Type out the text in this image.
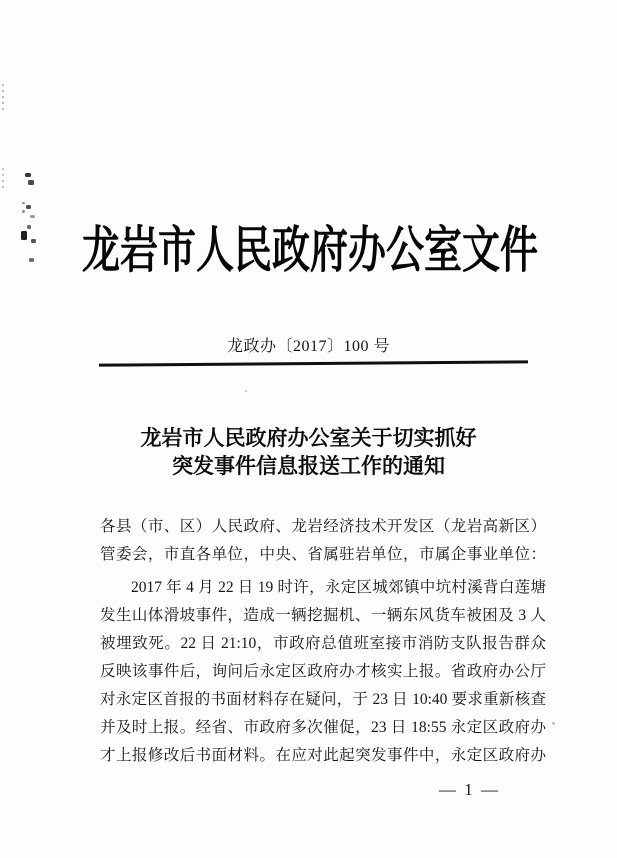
龙岩市人民政府办公室文件
龙政办〔2017〕100 号
龙岩市人民政府办公室关于切实抓好
突发事件信息报送工作的通知
各县（市、区）人民政府、龙岩经济技术开发区（龙岩高新区）
管委会，市直各单位，中央、省属驻岩单位，市属企事业单位：
2017 年 4 月 22 日 19 时许，永定区城郊镇中坑村溪背白莲塘
发生山体滑坡事件，造成一辆挖掘机、一辆东风货车被困及 3 人
被埋致死。22 日 21:10，市政府总值班室接市消防支队报告群众
反映该事件后，询问后永定区政府办才核实上报。省政府办公厅
对永定区首报的书面材料存在疑问，于 23 日 10:40 要求重新核查
并及时上报。经省、市政府多次催促，23 日 18:55 永定区政府办
才上报修改后书面材料。在应对此起突发事件中，永定区政府办
— 1 —
